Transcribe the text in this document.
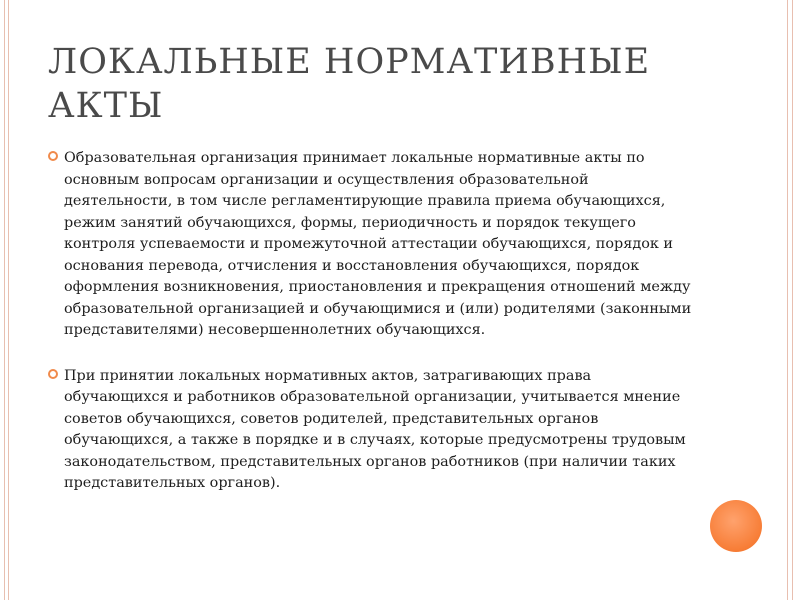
ЛОКАЛЬНЫЕ НОРМАТИВНЫЕ АКТЫ
Образовательная организация принимает локальные нормативные акты по основным вопросам организации и осуществления образовательной деятельности, в том числе регламентирующие правила приема обучающихся, режим занятий обучающихся, формы, периодичность и порядок текущего контроля успеваемости и промежуточной аттестации обучающихся, порядок и основания перевода, отчисления и восстановления обучающихся, порядок оформления возникновения, приостановления и прекращения отношений между образовательной организацией и обучающимися и (или) родителями (законными представителями) несовершеннолетних обучающихся.
При принятии локальных нормативных актов, затрагивающих права обучающихся и работников образовательной организации, учитывается мнение советов обучающихся, советов родителей, представительных органов обучающихся, а также в порядке и в случаях, которые предусмотрены трудовым законодательством, представительных органов работников (при наличии таких представительных органов).
